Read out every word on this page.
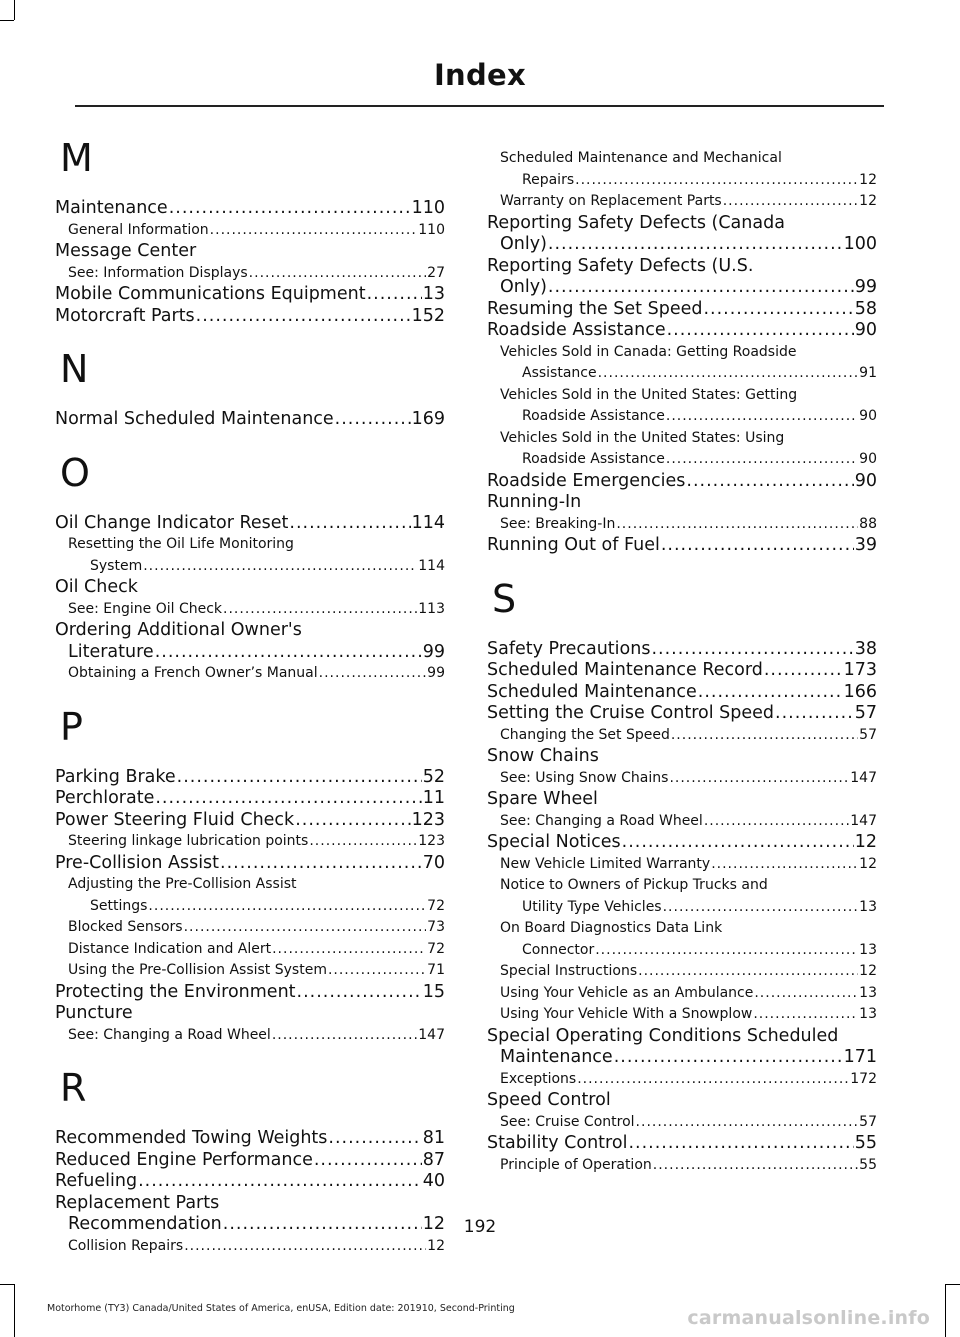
Index
M
Maintenance .....	110
General Information .....	110
Message Center
See: Information Displays .....	27
Mobile Communications Equipment .....	13
Motorcraft Parts .....	152
N
Normal Scheduled Maintenance .....	169
O
Oil Change Indicator Reset .....	114
Resetting the Oil Life Monitoring
System .....	114
Oil Check
See: Engine Oil Check .....	113
Ordering Additional Owner's
Literature .....	99
Obtaining a French Owner’s Manual .....	99
P
Parking Brake .....	52
Perchlorate .....	11
Power Steering Fluid Check .....	123
Steering linkage lubrication points .....	123
Pre-Collision Assist .....	70
Adjusting the Pre-Collision Assist
Settings .....	72
Blocked Sensors .....	73
Distance Indication and Alert .....	72
Using the Pre-Collision Assist System .....	71
Protecting the Environment .....	15
Puncture
See: Changing a Road Wheel .....	147
R
Recommended Towing Weights .....	81
Reduced Engine Performance .....	87
Refueling .....	40
Replacement Parts
Recommendation .....	12
Collision Repairs .....	12
Scheduled Maintenance and Mechanical
Repairs .....	12
Warranty on Replacement Parts .....	12
Reporting Safety Defects (Canada
Only) .....	100
Reporting Safety Defects (U.S.
Only) .....	99
Resuming the Set Speed .....	58
Roadside Assistance .....	90
Vehicles Sold in Canada: Getting Roadside
Assistance .....	91
Vehicles Sold in the United States: Getting
Roadside Assistance .....	90
Vehicles Sold in the United States: Using
Roadside Assistance .....	90
Roadside Emergencies .....	90
Running-In
See: Breaking-In .....	88
Running Out of Fuel .....	39
S
Safety Precautions .....	38
Scheduled Maintenance Record .....	173
Scheduled Maintenance .....	166
Setting the Cruise Control Speed .....	57
Changing the Set Speed .....	57
Snow Chains
See: Using Snow Chains .....	147
Spare Wheel
See: Changing a Road Wheel .....	147
Special Notices .....	12
New Vehicle Limited Warranty .....	12
Notice to Owners of Pickup Trucks and
Utility Type Vehicles .....	13
On Board Diagnostics Data Link
Connector .....	13
Special Instructions .....	12
Using Your Vehicle as an Ambulance .....	13
Using Your Vehicle With a Snowplow .....	13
Special Operating Conditions Scheduled
Maintenance .....	171
Exceptions .....	172
Speed Control
See: Cruise Control .....	57
Stability Control .....	55
Principle of Operation .....	55
192
Motorhome (TY3) Canada/United States of America, enUSA, Edition date: 201910, Second-Printing	carmanualsonline.info
